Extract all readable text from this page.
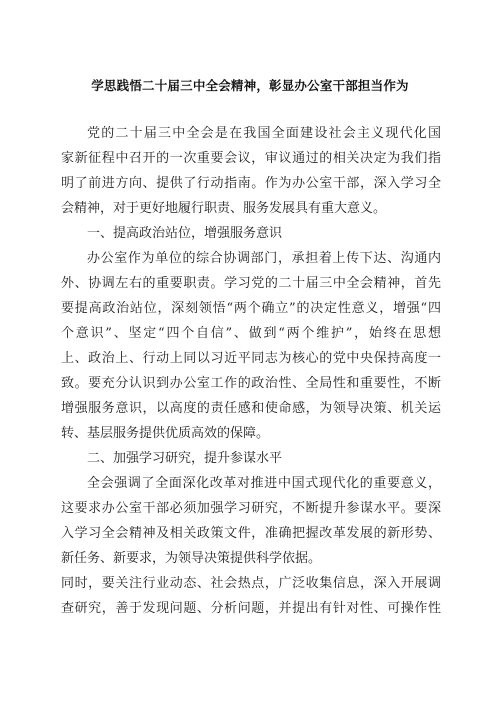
学思践悟二十届三中全会精神，彰显办公室干部担当作为
党的二十届三中全会是在我国全面建设社会主义现代化国
家新征程中召开的一次重要会议，审议通过的相关决定为我们指
明了前进方向、提供了行动指南。作为办公室干部，深入学习全
会精神，对于更好地履行职责、服务发展具有重大意义。
一、提高政治站位，增强服务意识
办公室作为单位的综合协调部门，承担着上传下达、沟通内
外、协调左右的重要职责。学习党的二十届三中全会精神，首先
要提高政治站位，深刻领悟“两个确立”的决定性意义，增强“四
个意识”、坚定“四个自信”、做到“两个维护”，始终在思想
上、政治上、行动上同以习近平同志为核心的党中央保持高度一
致。要充分认识到办公室工作的政治性、全局性和重要性，不断
增强服务意识，以高度的责任感和使命感，为领导决策、机关运
转、基层服务提供优质高效的保障。
二、加强学习研究，提升参谋水平
全会强调了全面深化改革对推进中国式现代化的重要意义，
这要求办公室干部必须加强学习研究，不断提升参谋水平。要深
入学习全会精神及相关政策文件，准确把握改革发展的新形势、
新任务、新要求，为领导决策提供科学依据。
同时，要关注行业动态、社会热点，广泛收集信息，深入开展调
查研究，善于发现问题、分析问题，并提出有针对性、可操作性
